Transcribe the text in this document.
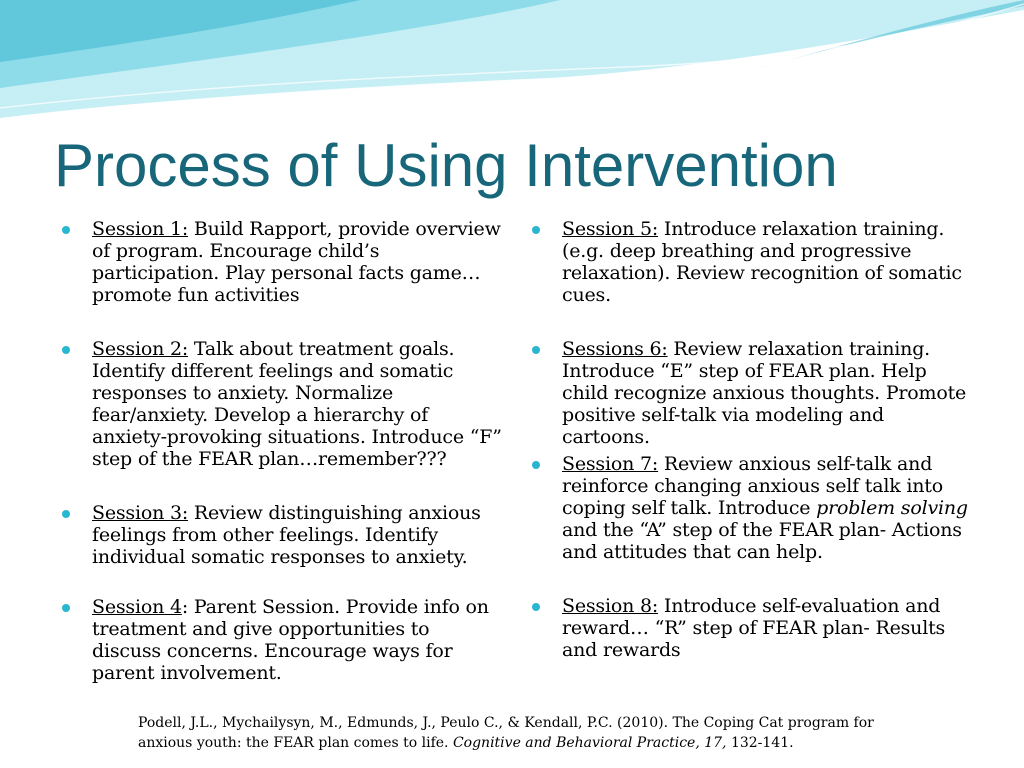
Process of Using Intervention
Session 1: Build Rapport, provide overview of program. Encourage child’s participation. Play personal facts game…promote fun activities
Session 2: Talk about treatment goals. Identify different feelings and somatic responses to anxiety. Normalize fear/anxiety. Develop a hierarchy of anxiety-provoking situations. Introduce “F” step of the FEAR plan…remember???
Session 3: Review distinguishing anxious feelings from other feelings. Identify individual somatic responses to anxiety.
Session 4: Parent Session. Provide info on treatment and give opportunities to discuss concerns. Encourage ways for parent involvement.
Session 5: Introduce relaxation training. (e.g. deep breathing and progressive relaxation). Review recognition of somatic cues.
Sessions 6: Review relaxation training. Introduce “E” step of FEAR plan. Help child recognize anxious thoughts. Promote positive self-talk via modeling and cartoons.
Session 7: Review anxious self-talk and reinforce changing anxious self talk into coping self talk. Introduce problem solving and the “A” step of the FEAR plan- Actions and attitudes that can help.
Session 8: Introduce self-evaluation and reward… “R” step of FEAR plan- Results and rewards
Podell, J.L., Mychailysyn, M., Edmunds, J., Peulo C., & Kendall, P.C. (2010). The Coping Cat program for anxious youth: the FEAR plan comes to life. Cognitive and Behavioral Practice, 17, 132-141.
